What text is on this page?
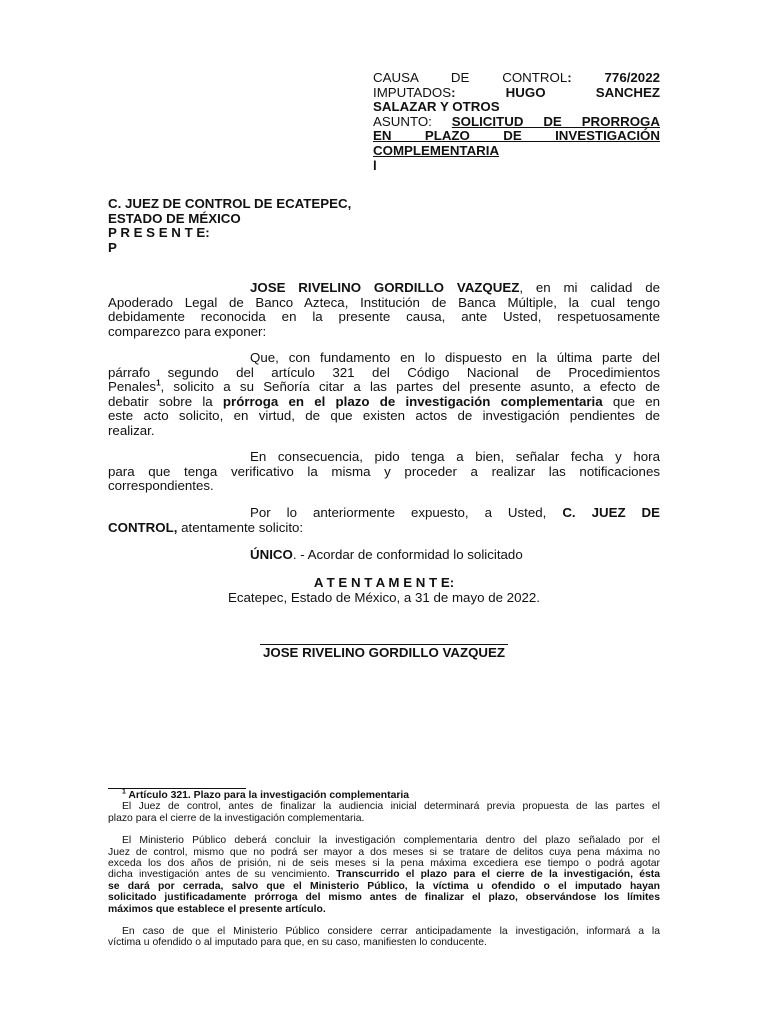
CAUSA DE CONTROL: 776/2022
IMPUTADOS:	HUGO SANCHEZ
SALAZAR Y OTROS
ASUNTO: SOLICITUD DE PRORROGA
EN PLAZO DE INVESTIGACIÓN
COMPLEMENTARIA
l
C. JUEZ DE CONTROL DE ECATEPEC,
ESTADO DE MÉXICO
P R E S E N T E:
P
JOSE RIVELINO GORDILLO VAZQUEZ, en mi calidad de
Apoderado Legal de Banco Azteca, Institución de Banca Múltiple, la cual tengo
debidamente reconocida en la presente causa, ante Usted, respetuosamente
comparezco para exponer:
Que, con fundamento en lo dispuesto en la última parte del
párrafo segundo del artículo 321 del Código Nacional de Procedimientos
Penales$^1$, solicito a su Señoría citar a las partes del presente asunto, a efecto de
debatir sobre la prórroga en el plazo de investigación complementaria que en
este acto solicito, en virtud, de que existen actos de investigación pendientes de
realizar.
En consecuencia, pido tenga a bien, señalar fecha y hora
para que tenga verificativo la misma y proceder a realizar las notificaciones
correspondientes.
Por lo anteriormente expuesto, a Usted, C. JUEZ DE
CONTROL, atentamente solicito:
ÚNICO. - Acordar de conformidad lo solicitado
A T E N T A M E N T E:
Ecatepec, Estado de México, a 31 de mayo de 2022.
JOSE RIVELINO GORDILLO VAZQUEZ
$^1$ Artículo 321. Plazo para la investigación complementaria
El Juez de control, antes de finalizar la audiencia inicial determinará previa propuesta de las partes el
plazo para el cierre de la investigación complementaria.
El Ministerio Público deberá concluir la investigación complementaria dentro del plazo señalado por el
Juez de control, mismo que no podrá ser mayor a dos meses si se tratare de delitos cuya pena máxima no
exceda los dos años de prisión, ni de seis meses si la pena máxima excediera ese tiempo o podrá agotar
dicha investigación antes de su vencimiento. Transcurrido el plazo para el cierre de la investigación, ésta
se dará por cerrada, salvo que el Ministerio Público, la víctima u ofendido o el imputado hayan
solicitado justificadamente prórroga del mismo antes de finalizar el plazo, observándose los límites
máximos que establece el presente artículo.
En caso de que el Ministerio Público considere cerrar anticipadamente la investigación, informará a la
víctima u ofendido o al imputado para que, en su caso, manifiesten lo conducente.
